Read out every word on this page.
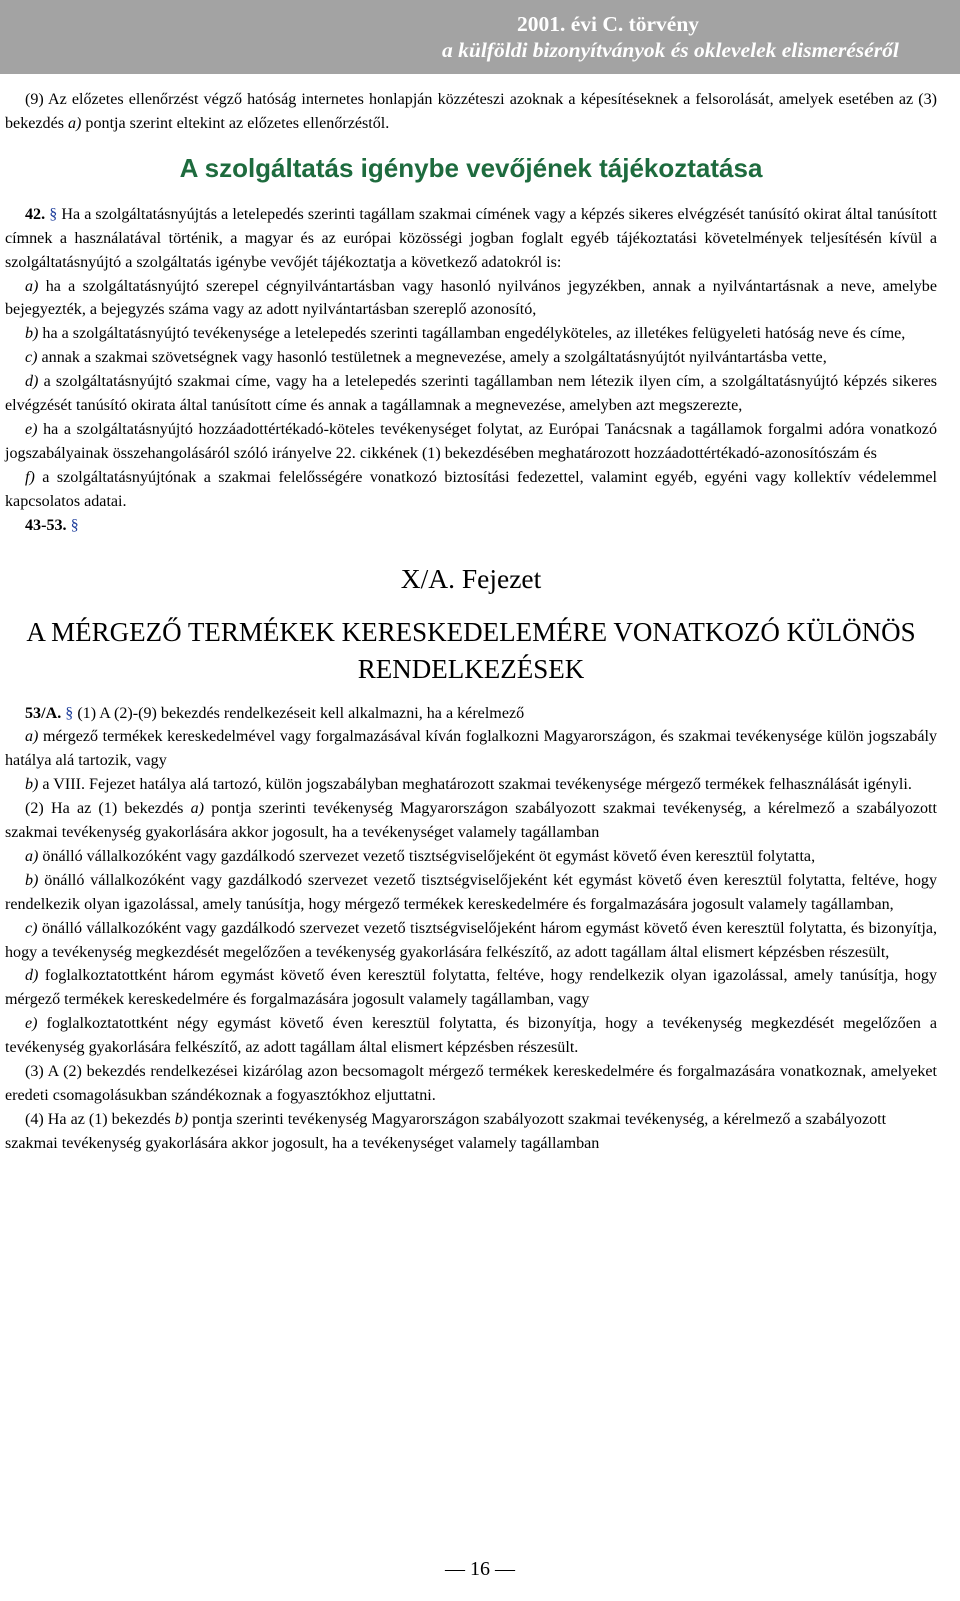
2001. évi C. törvény
a külföldi bizonyítványok és oklevelek elismeréséről

(9) Az előzetes ellenőrzést végző hatóság internetes honlapján közzéteszi azoknak a képesítéseknek a felsorolását, amelyek esetében az (3) bekezdés a) pontja szerint eltekint az előzetes ellenőrzéstől.

A szolgáltatás igénybe vevőjének tájékoztatása

42. § Ha a szolgáltatásnyújtás a letelepedés szerinti tagállam szakmai címének vagy a képzés sikeres elvégzését tanúsító okirat által tanúsított címnek a használatával történik, a magyar és az európai közösségi jogban foglalt egyéb tájékoztatási követelmények teljesítésén kívül a szolgáltatásnyújtó a szolgáltatás igénybe vevőjét tájékoztatja a következő adatokról is:

a) ha a szolgáltatásnyújtó szerepel cégnyilvántartásban vagy hasonló nyilvános jegyzékben, annak a nyilvántartásnak a neve, amelybe bejegyezték, a bejegyzés száma vagy az adott nyilvántartásban szereplő azonosító,

b) ha a szolgáltatásnyújtó tevékenysége a letelepedés szerinti tagállamban engedélyköteles, az illetékes felügyeleti hatóság neve és címe,

c) annak a szakmai szövetségnek vagy hasonló testületnek a megnevezése, amely a szolgáltatásnyújtót nyilvántartásba vette,

d) a szolgáltatásnyújtó szakmai címe, vagy ha a letelepedés szerinti tagállamban nem létezik ilyen cím, a szolgáltatásnyújtó képzés sikeres elvégzését tanúsító okirata által tanúsított címe és annak a tagállamnak a megnevezése, amelyben azt megszerezte,

e) ha a szolgáltatásnyújtó hozzáadottértékadó-köteles tevékenységet folytat, az Európai Tanácsnak a tagállamok forgalmi adóra vonatkozó jogszabályainak összehangolásáról szóló irányelve 22. cikkének (1) bekezdésében meghatározott hozzáadottértékadó-azonosítószám és

f) a szolgáltatásnyújtónak a szakmai felelősségére vonatkozó biztosítási fedezettel, valamint egyéb, egyéni vagy kollektív védelemmel kapcsolatos adatai.

43-53. §

X/A. Fejezet
A MÉRGEZŐ TERMÉKEK KERESKEDELEMÉRE VONATKOZÓ KÜLÖNÖS RENDELKEZÉSEK

53/A. § (1) A (2)-(9) bekezdés rendelkezéseit kell alkalmazni, ha a kérelmező

a) mérgező termékek kereskedelmével vagy forgalmazásával kíván foglalkozni Magyarországon, és szakmai tevékenysége külön jogszabály hatálya alá tartozik, vagy

b) a VIII. Fejezet hatálya alá tartozó, külön jogszabályban meghatározott szakmai tevékenysége mérgező termékek felhasználását igényli.

(2) Ha az (1) bekezdés a) pontja szerinti tevékenység Magyarországon szabályozott szakmai tevékenység, a kérelmező a szabályozott szakmai tevékenység gyakorlására akkor jogosult, ha a tevékenységet valamely tagállamban

a) önálló vállalkozóként vagy gazdálkodó szervezet vezető tisztségviselőjeként öt egymást követő éven keresztül folytatta,

b) önálló vállalkozóként vagy gazdálkodó szervezet vezető tisztségviselőjeként két egymást követő éven keresztül folytatta, feltéve, hogy rendelkezik olyan igazolással, amely tanúsítja, hogy mérgező termékek kereskedelmére és forgalmazására jogosult valamely tagállamban,

c) önálló vállalkozóként vagy gazdálkodó szervezet vezető tisztségviselőjeként három egymást követő éven keresztül folytatta, és bizonyítja, hogy a tevékenység megkezdését megelőzően a tevékenység gyakorlására felkészítő, az adott tagállam által elismert képzésben részesült,

d) foglalkoztatottként három egymást követő éven keresztül folytatta, feltéve, hogy rendelkezik olyan igazolással, amely tanúsítja, hogy mérgező termékek kereskedelmére és forgalmazására jogosult valamely tagállamban, vagy

e) foglalkoztatottként négy egymást követő éven keresztül folytatta, és bizonyítja, hogy a tevékenység megkezdését megelőzően a tevékenység gyakorlására felkészítő, az adott tagállam által elismert képzésben részesült.

(3) A (2) bekezdés rendelkezései kizárólag azon becsomagolt mérgező termékek kereskedelmére és forgalmazására vonatkoznak, amelyeket eredeti csomagolásukban szándékoznak a fogyasztókhoz eljuttatni.

(4) Ha az (1) bekezdés b) pontja szerinti tevékenység Magyarországon szabályozott szakmai tevékenység, a kérelmező a szabályozott szakmai tevékenység gyakorlására akkor jogosult, ha a tevékenységet valamely tagállamban

— 16 —
